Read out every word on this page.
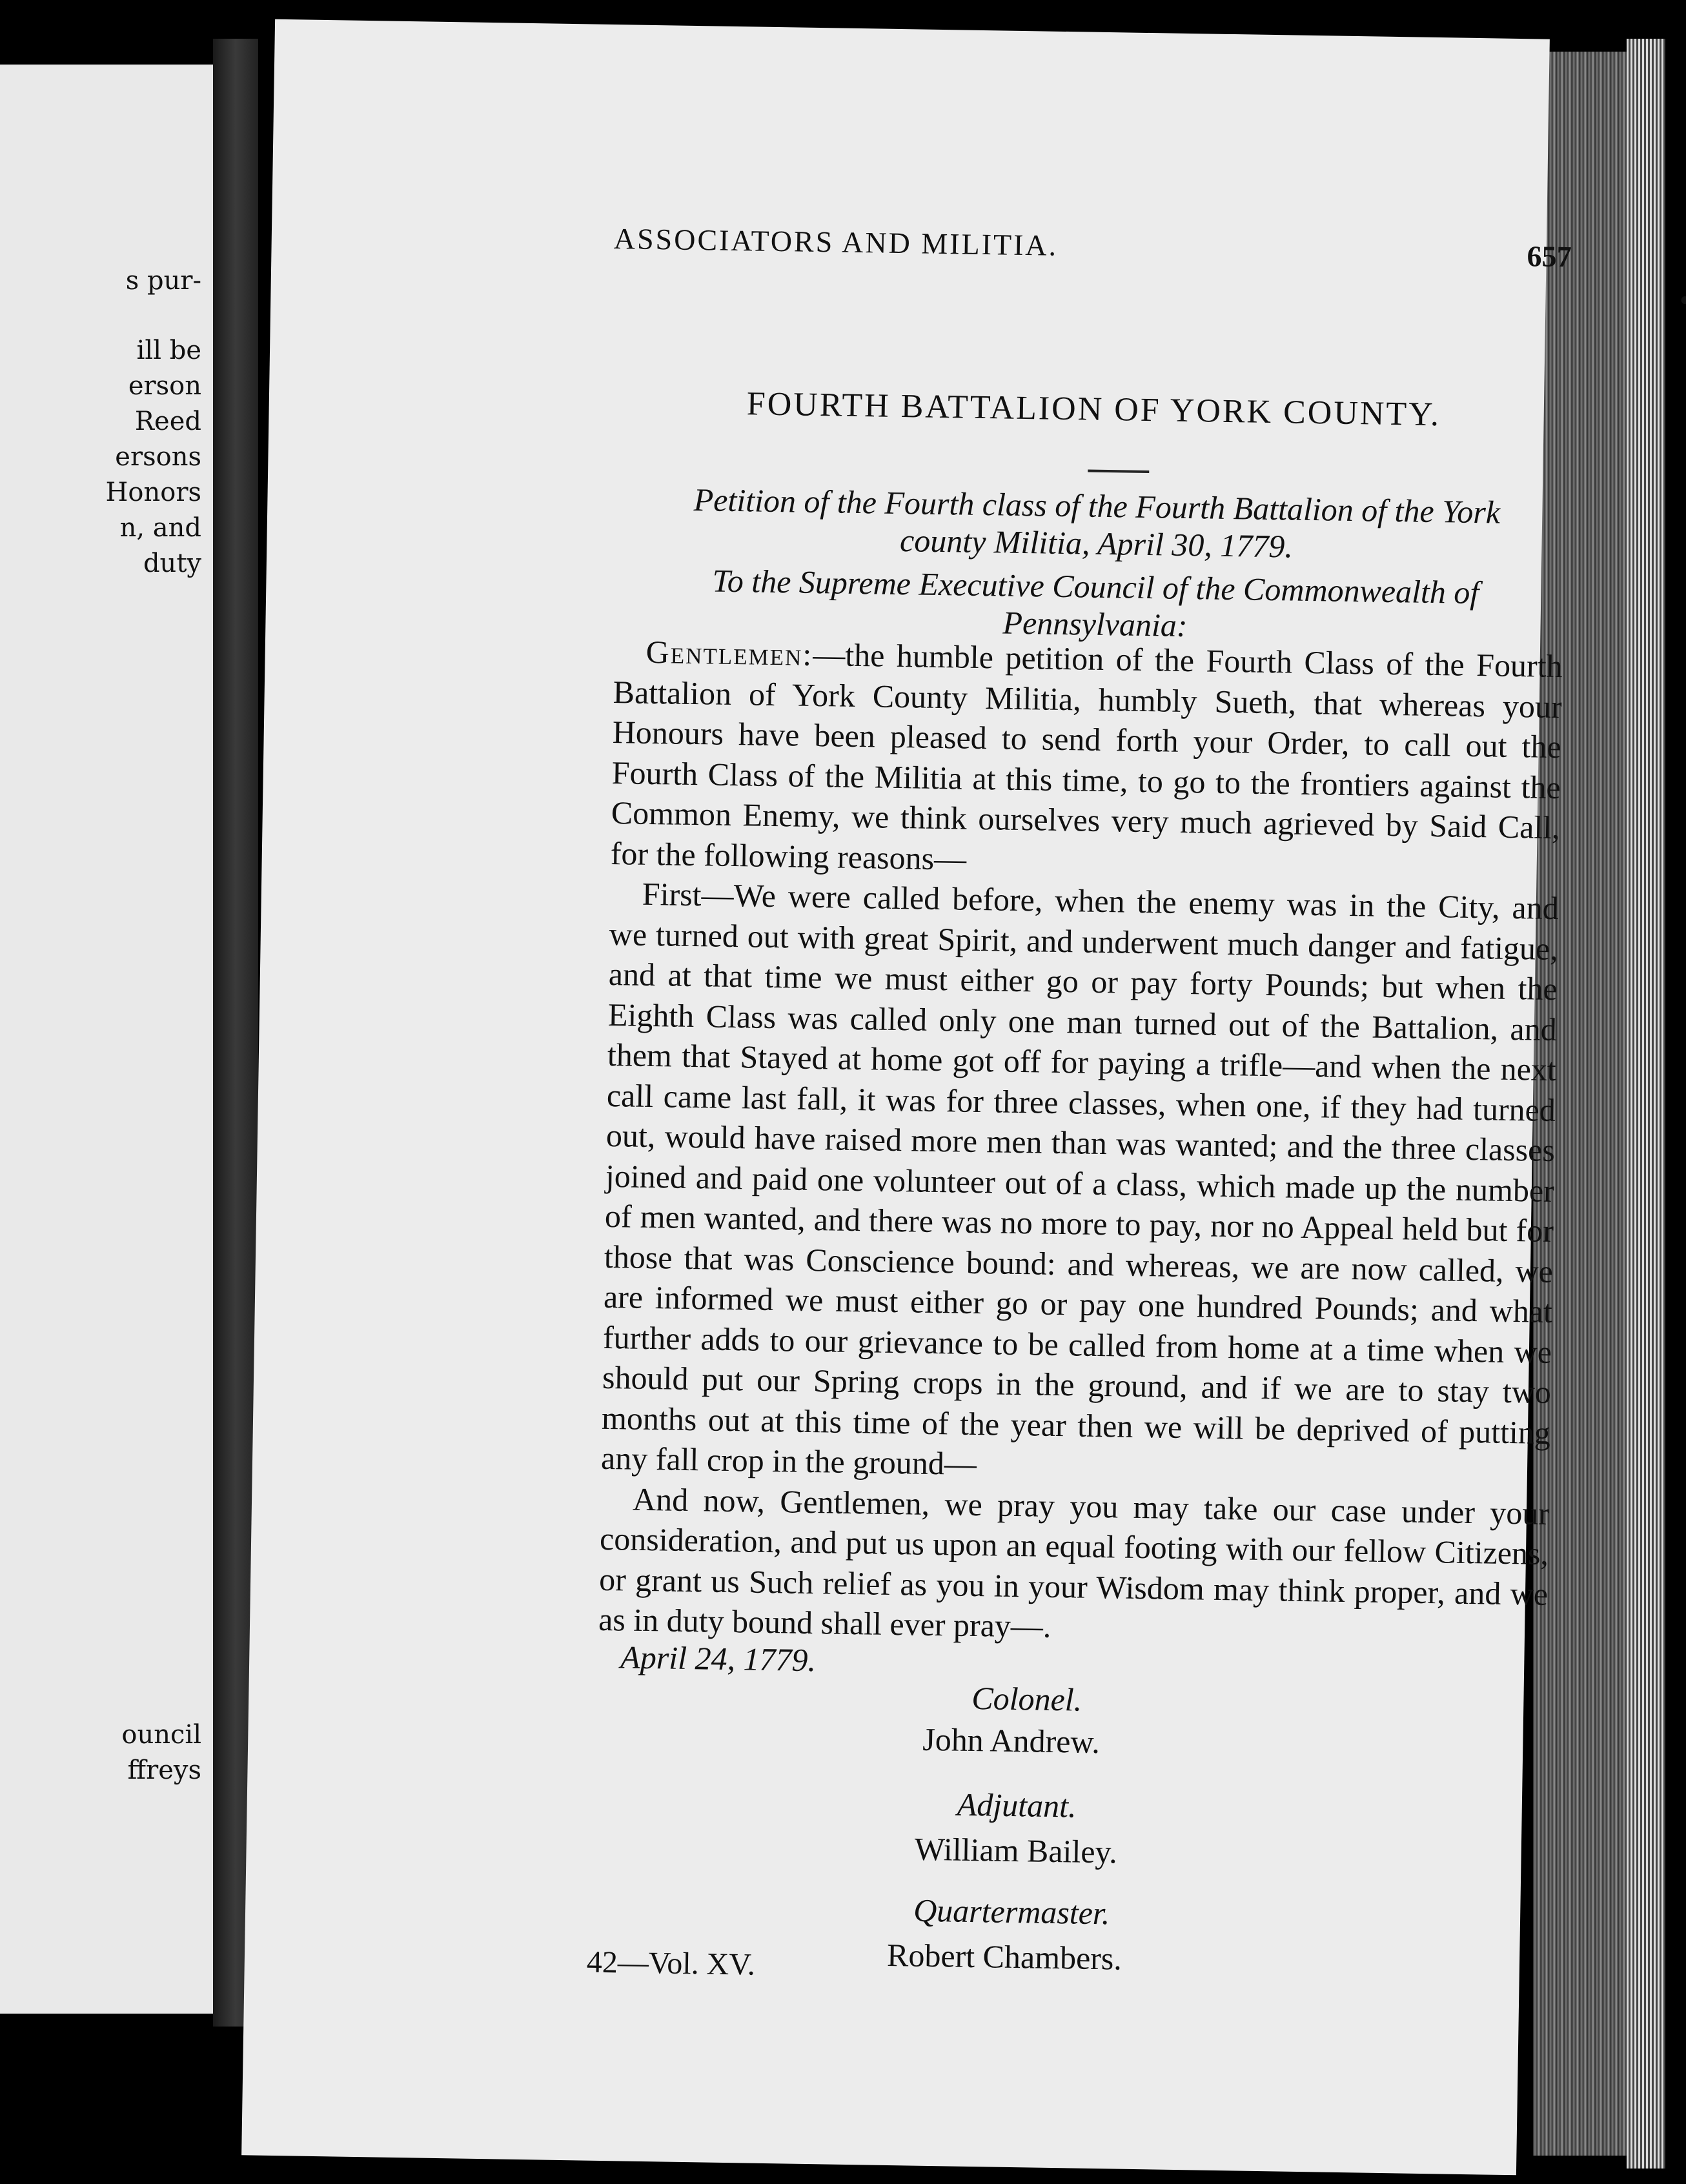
s pur-
ill be
erson
Reed
ersons
Honors
n, and
duty
ouncil
ffreys
ASSOCIATORS AND MILITIA.	657
FOURTH BATTALION OF YORK COUNTY.
Petition of the Fourth class of the Fourth Battalion of the York
county Militia, April 30, 1779.
To the Supreme Executive Council of the Commonwealth of
Pennsylvania:

Gentlemen:—the humble petition of the Fourth Class of the Fourth Battalion of York County Militia, humbly Sueth, that whereas your Honours have been pleased to send forth your Order, to call out the Fourth Class of the Militia at this time, to go to the frontiers against the Common Enemy, we think ourselves very much agrieved by Said Call, for the following reasons—

First—We were called before, when the enemy was in the City, and we turned out with great Spirit, and underwent much danger and fatigue, and at that time we must either go or pay forty Pounds; but when the Eighth Class was called only one man turned out of the Battalion, and them that Stayed at home got off for paying a trifle—and when the next call came last fall, it was for three classes, when one, if they had turned out, would have raised more men than was wanted; and the three classes joined and paid one volunteer out of a class, which made up the number of men wanted, and there was no more to pay, nor no Appeal held but for those that was Conscience bound: and whereas, we are now called, we are informed we must either go or pay one hundred Pounds; and what further adds to our grievance to be called from home at a time when we should put our Spring crops in the ground, and if we are to stay two months out at this time of the year then we will be deprived of putting any fall crop in the ground—

And now, Gentlemen, we pray you may take our case under your consideration, and put us upon an equal footing with our fellow Citizens, or grant us Such relief as you in your Wisdom may think proper, and we as in duty bound shall ever pray—.

April 24, 1779.
Colonel.
John Andrew.
Adjutant.
William Bailey.
Quartermaster.
Robert Chambers.
42—Vol. XV.
